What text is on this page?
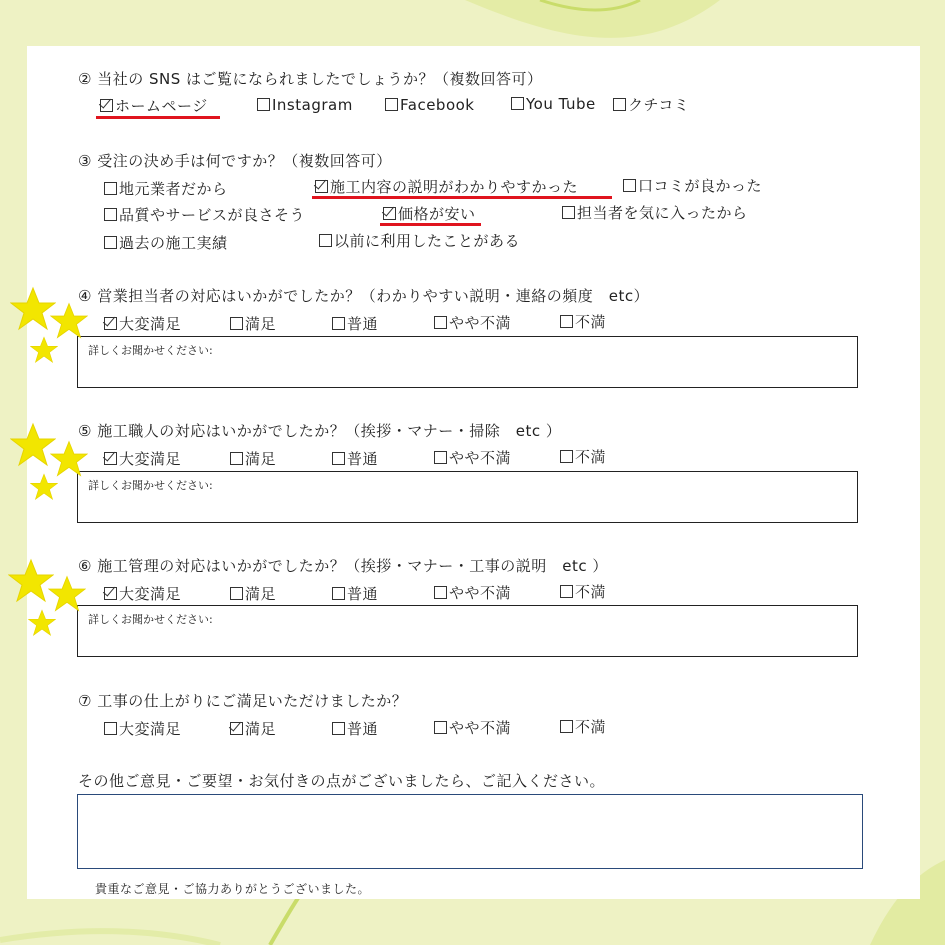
② 当社の SNS はご覧になられましたでしょうか？（複数回答可）
ホームページ	Instagram	Facebook	You Tube	クチコミ
③ 受注の決め手は何ですか？（複数回答可）
地元業者だから	施工内容の説明がわかりやすかった	口コミが良かった
品質やサービスが良さそう	価格が安い	担当者を気に入ったから
過去の施工実績	以前に利用したことがある
④ 営業担当者の対応はいかがでしたか？（わかりやすい説明・連絡の頻度　etc）
大変満足	満足	普通	やや不満	不満
詳しくお聞かせください:
⑤ 施工職人の対応はいかがでしたか？（挨拶・マナー・掃除　etc ）
大変満足	満足	普通	やや不満	不満
詳しくお聞かせください:
⑥ 施工管理の対応はいかがでしたか？（挨拶・マナー・工事の説明　etc ）
大変満足	満足	普通	やや不満	不満
詳しくお聞かせください:
⑦ 工事の仕上がりにご満足いただけましたか？
大変満足	満足	普通	やや不満	不満
その他ご意見・ご要望・お気付きの点がございましたら、ご記入ください。
貴重なご意見・ご協力ありがとうございました。
